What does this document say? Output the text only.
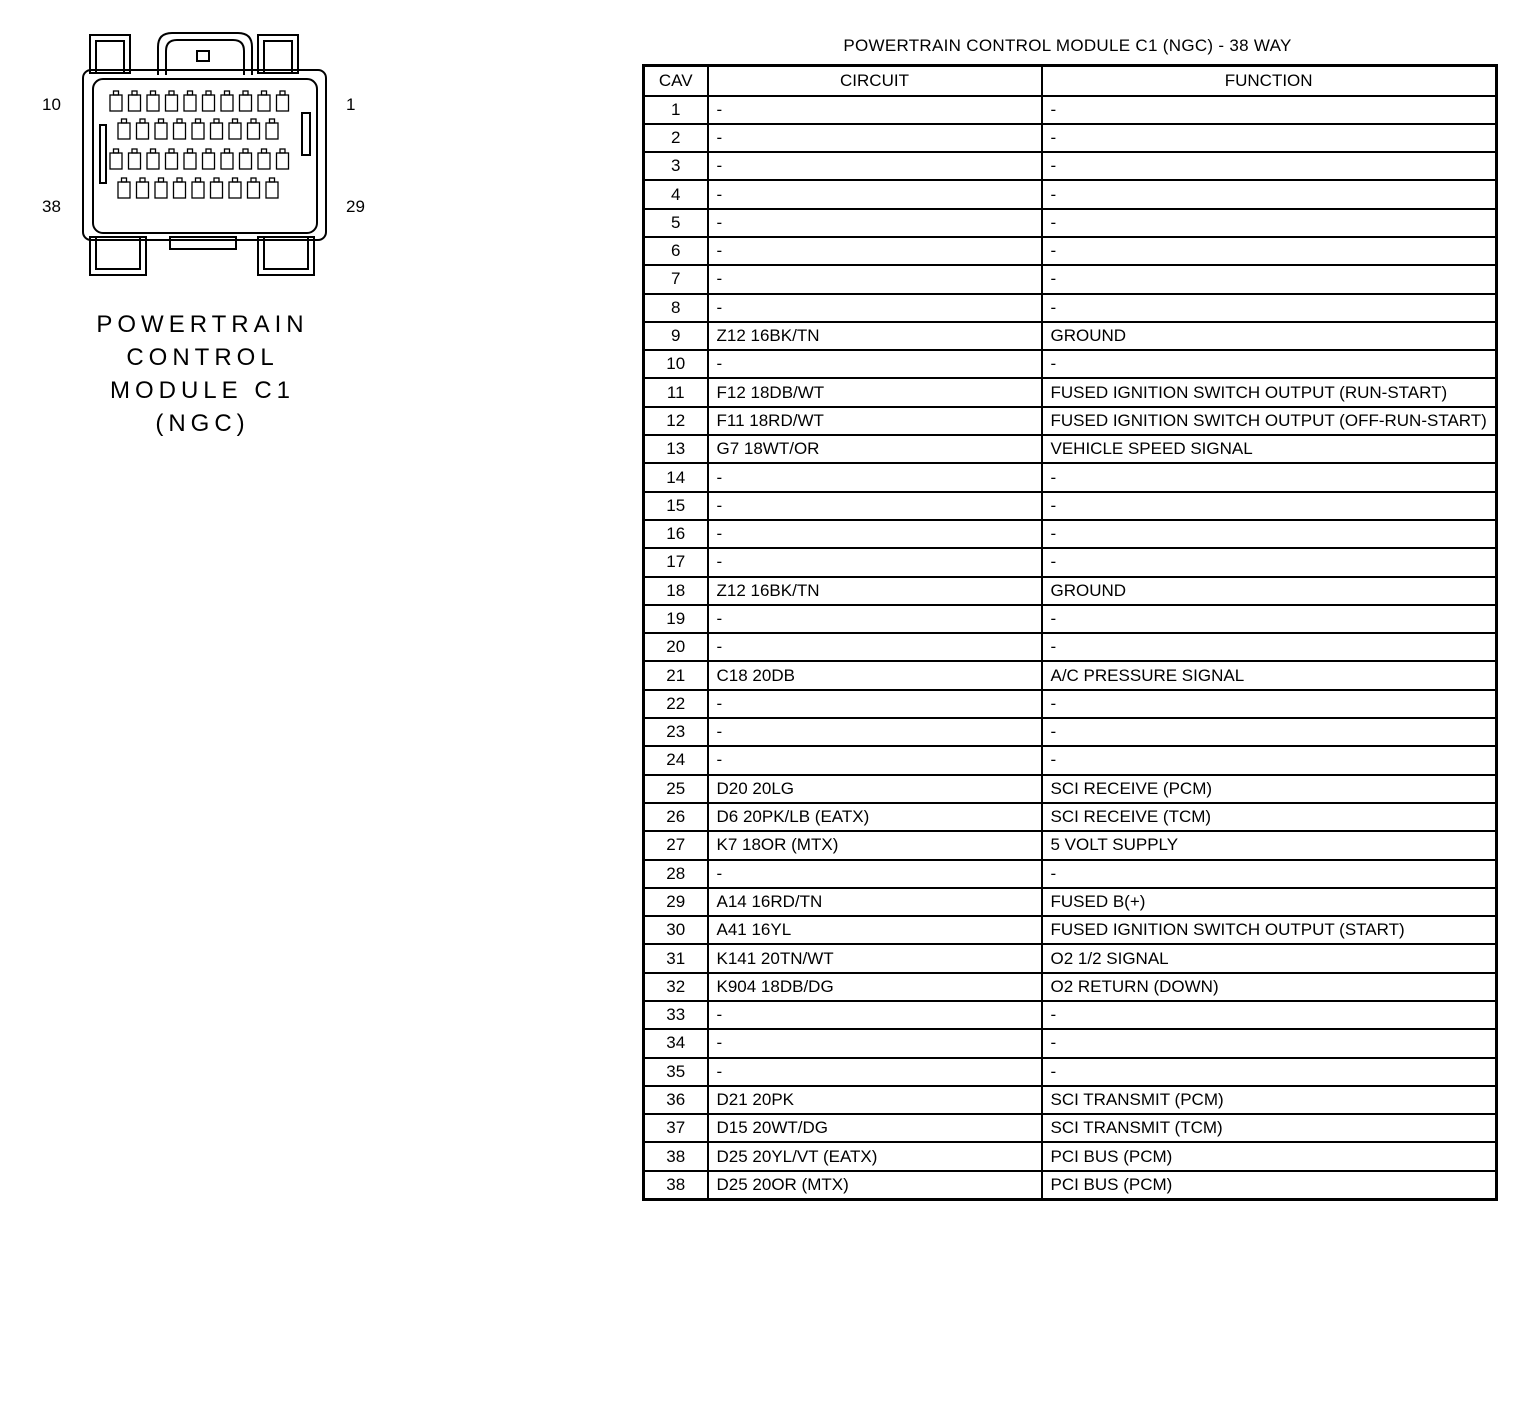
10	1
38	29
POWERTRAIN
CONTROL
MODULE C1
(NGC)
POWERTRAIN CONTROL MODULE C1 (NGC) - 38 WAY
CAV	CIRCUIT	FUNCTION
1	-	-
2	-	-
3	-	-
4	-	-
5	-	-
6	-	-
7	-	-
8	-	-
9	Z12 16BK/TN	GROUND
10	-	-
11	F12 18DB/WT	FUSED IGNITION SWITCH OUTPUT (RUN-START)
12	F11 18RD/WT	FUSED IGNITION SWITCH OUTPUT (OFF-RUN-START)
13	G7 18WT/OR	VEHICLE SPEED SIGNAL
14	-	-
15	-	-
16	-	-
17	-	-
18	Z12 16BK/TN	GROUND
19	-	-
20	-	-
21	C18 20DB	A/C PRESSURE SIGNAL
22	-	-
23	-	-
24	-	-
25	D20 20LG	SCI RECEIVE (PCM)
26	D6 20PK/LB (EATX)	SCI RECEIVE (TCM)
27	K7 18OR (MTX)	5 VOLT SUPPLY
28	-	-
29	A14 16RD/TN	FUSED B(+)
30	A41 16YL	FUSED IGNITION SWITCH OUTPUT (START)
31	K141 20TN/WT	O2 1/2 SIGNAL
32	K904 18DB/DG	O2 RETURN (DOWN)
33	-	-
34	-	-
35	-	-
36	D21 20PK	SCI TRANSMIT (PCM)
37	D15 20WT/DG	SCI TRANSMIT (TCM)
38	D25 20YL/VT (EATX)	PCI BUS (PCM)
38	D25 20OR (MTX)	PCI BUS (PCM)
